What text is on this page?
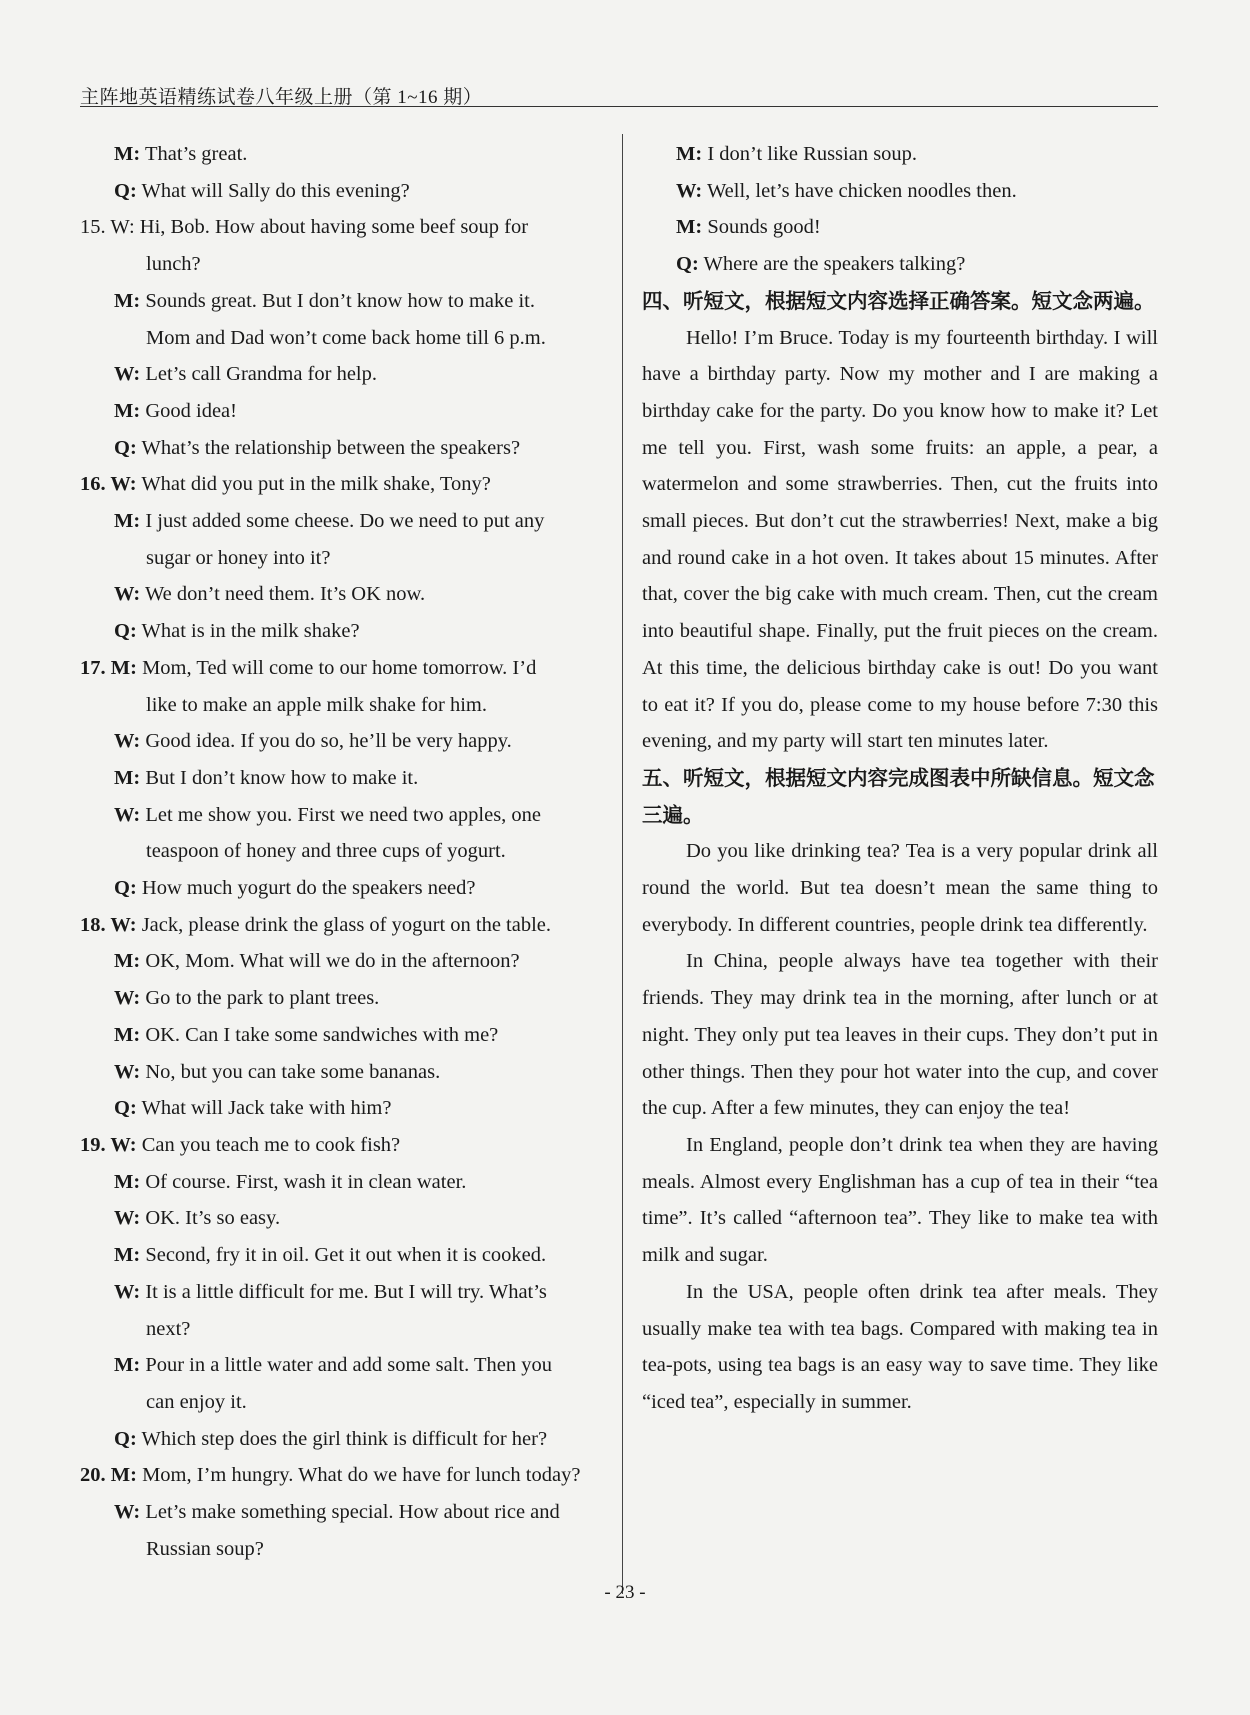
主阵地英语精练试卷八年级上册（第 1~16 期）
M: That’s great.
Q: What will Sally do this evening?
15. W: Hi, Bob. How about having some beef soup for
lunch?
M: Sounds great. But I don’t know how to make it.
Mom and Dad won’t come back home till 6 p.m.
W: Let’s call Grandma for help.
M: Good idea!
Q: What’s the relationship between the speakers?
16. W: What did you put in the milk shake, Tony?
M: I just added some cheese. Do we need to put any
sugar or honey into it?
W: We don’t need them. It’s OK now.
Q: What is in the milk shake?
17. M: Mom, Ted will come to our home tomorrow. I’d
like to make an apple milk shake for him.
W: Good idea. If you do so, he’ll be very happy.
M: But I don’t know how to make it.
W: Let me show you. First we need two apples, one
teaspoon of honey and three cups of yogurt.
Q: How much yogurt do the speakers need?
18. W: Jack, please drink the glass of yogurt on the table.
M: OK, Mom. What will we do in the afternoon?
W: Go to the park to plant trees.
M: OK. Can I take some sandwiches with me?
W: No, but you can take some bananas.
Q: What will Jack take with him?
19. W: Can you teach me to cook fish?
M: Of course. First, wash it in clean water.
W: OK. It’s so easy.
M: Second, fry it in oil. Get it out when it is cooked.
W: It is a little difficult for me. But I will try. What’s
next?
M: Pour in a little water and add some salt. Then you
can enjoy it.
Q: Which step does the girl think is difficult for her?
20. M: Mom, I’m hungry. What do we have for lunch today?
W: Let’s make something special. How about rice and
Russian soup?
M: I don’t like Russian soup.
W: Well, let’s have chicken noodles then.
M: Sounds good!
Q: Where are the speakers talking?
四、听短文，根据短文内容选择正确答案。短文念两遍。
Hello! I’m Bruce. Today is my fourteenth birthday. I will have a birthday party. Now my mother and I are making a birthday cake for the party. Do you know how to make it? Let me tell you. First, wash some fruits: an apple, a pear, a watermelon and some strawberries. Then, cut the fruits into small pieces. But don’t cut the strawberries! Next, make a big and round cake in a hot oven. It takes about 15 minutes. After that, cover the big cake with much cream. Then, cut the cream into beautiful shape. Finally, put the fruit pieces on the cream. At this time, the delicious birthday cake is out! Do you want to eat it? If you do, please come to my house before 7:30 this evening, and my party will start ten minutes later.
五、听短文，根据短文内容完成图表中所缺信息。短文念三遍。
Do you like drinking tea? Tea is a very popular drink all round the world. But tea doesn’t mean the same thing to everybody. In different countries, people drink tea differently.
In China, people always have tea together with their friends. They may drink tea in the morning, after lunch or at night. They only put tea leaves in their cups. They don’t put in other things. Then they pour hot water into the cup, and cover the cup. After a few minutes, they can enjoy the tea!
In England, people don’t drink tea when they are having meals. Almost every Englishman has a cup of tea in their “tea time”. It’s called “afternoon tea”. They like to make tea with milk and sugar.
In the USA, people often drink tea after meals. They usually make tea with tea bags. Compared with making tea in tea-pots, using tea bags is an easy way to save time. They like “iced tea”, especially in summer.
- 23 -
